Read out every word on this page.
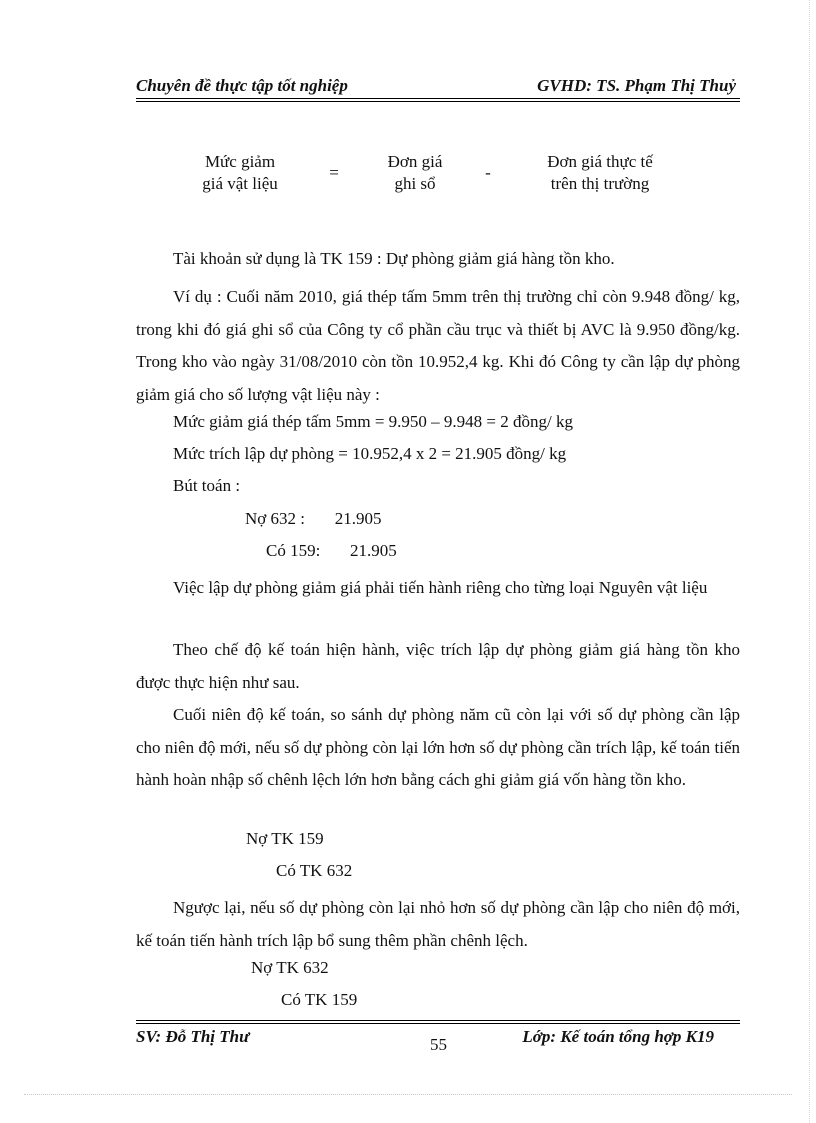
Chuyên đề thực tập tốt nghiệp	GVHD: TS. Phạm Thị Thuỷ
Mức giảm
giá vật liệu
=
Đơn giá
ghi sổ
-
Đơn giá thực tế
trên thị trường
Tài khoản sử dụng là TK 159 : Dự phòng giảm giá hàng tồn kho.
Ví dụ : Cuối năm 2010, giá thép tấm 5mm trên thị trường chỉ còn 9.948 đồng/ kg, trong khi đó giá ghi sổ của Công ty cổ phần cầu trục và thiết bị AVC là 9.950 đồng/kg. Trong kho vào ngày 31/08/2010 còn tồn 10.952,4 kg. Khi đó Công ty cần lập dự phòng giảm giá cho số lượng vật liệu này :
Mức giảm giá thép tấm 5mm = 9.950 – 9.948 = 2 đồng/ kg
Mức trích lập dự phòng = 10.952,4 x 2 = 21.905 đồng/ kg
Bút toán :
Nợ 632 :       21.905
Có 159:       21.905
Việc lập dự phòng giảm giá phải tiến hành riêng cho từng loại Nguyên vật liệu
Theo chế độ kế toán hiện hành, việc trích lập dự phòng giảm giá hàng tồn kho được thực hiện như sau.
Cuối niên độ kế toán, so sánh dự phòng năm cũ còn lại với số dự phòng cần lập cho niên độ mới, nếu số dự phòng còn lại lớn hơn số dự phòng cần trích lập, kế toán tiến hành hoàn nhập số chênh lệch lớn hơn bằng cách ghi giảm giá vốn hàng tồn kho.
Nợ TK 159
Có TK 632
Ngược lại, nếu số dự phòng còn lại nhỏ hơn số dự phòng cần lập cho niên độ mới, kế toán tiến hành trích lập bổ sung thêm phần chênh lệch.
Nợ TK 632
Có TK 159
SV: Đỗ Thị Thư	55	Lớp: Kế toán tổng hợp K19
